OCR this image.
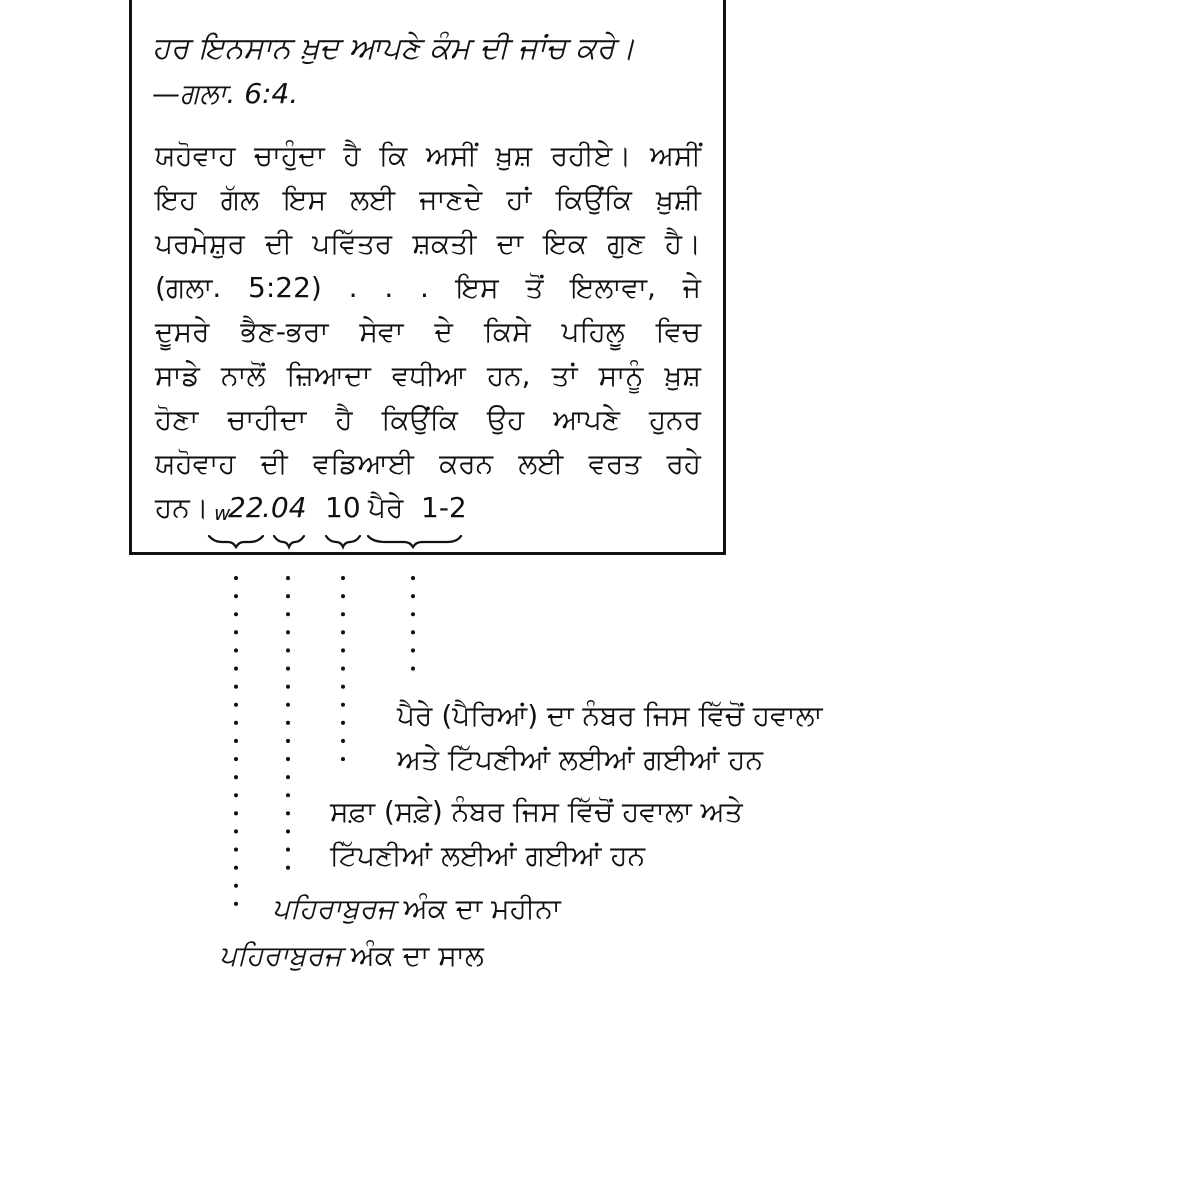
ਹਰ ਇਨਸਾਨ ਖ਼ੁਦ ਆਪਣੇ ਕੰਮ ਦੀ ਜਾਂਚ ਕਰੇ।
—ਗਲਾ. 6:4.
ਯਹੋਵਾਹ ਚਾਹੁੰਦਾ ਹੈ ਕਿ ਅਸੀਂ ਖ਼ੁਸ਼ ਰਹੀਏ। ਅਸੀਂ
ਇਹ ਗੱਲ ਇਸ ਲਈ ਜਾਣਦੇ ਹਾਂ ਕਿਉਂਕਿ ਖ਼ੁਸ਼ੀ
ਪਰਮੇਸ਼ੁਰ ਦੀ ਪਵਿੱਤਰ ਸ਼ਕਤੀ ਦਾ ਇਕ ਗੁਣ ਹੈ।
(ਗਲਾ. 5:22) . . . ਇਸ ਤੋਂ ਇਲਾਵਾ, ਜੇ
ਦੂਸਰੇ ਭੈਣ-ਭਰਾ ਸੇਵਾ ਦੇ ਕਿਸੇ ਪਹਿਲੂ ਵਿਚ
ਸਾਡੇ ਨਾਲੋਂ ਜ਼ਿਆਦਾ ਵਧੀਆ ਹਨ, ਤਾਂ ਸਾਨੂੰ ਖ਼ੁਸ਼
ਹੋਣਾ ਚਾਹੀਦਾ ਹੈ ਕਿਉਂਕਿ ਉਹ ਆਪਣੇ ਹੁਨਰ
ਯਹੋਵਾਹ ਦੀ ਵਡਿਆਈ ਕਰਨ ਲਈ ਵਰਤ ਰਹੇ
ਹਨ। w
22
.04 10 ਪੈਰੇ 1-2
ਪੈਰੇ (ਪੈਰਿਆਂ) ਦਾ ਨੰਬਰ ਜਿਸ ਵਿੱਚੋਂ ਹਵਾਲਾ
ਅਤੇ ਟਿੱਪਣੀਆਂ ਲਈਆਂ ਗਈਆਂ ਹਨ
ਸਫ਼ਾ (ਸਫ਼ੇ) ਨੰਬਰ ਜਿਸ ਵਿੱਚੋਂ ਹਵਾਲਾ ਅਤੇ
ਟਿੱਪਣੀਆਂ ਲਈਆਂ ਗਈਆਂ ਹਨ
ਪਹਿਰਾਬੁਰਜ ਅੰਕ ਦਾ ਮਹੀਨਾ
ਪਹਿਰਾਬੁਰਜ ਅੰਕ ਦਾ ਸਾਲ
